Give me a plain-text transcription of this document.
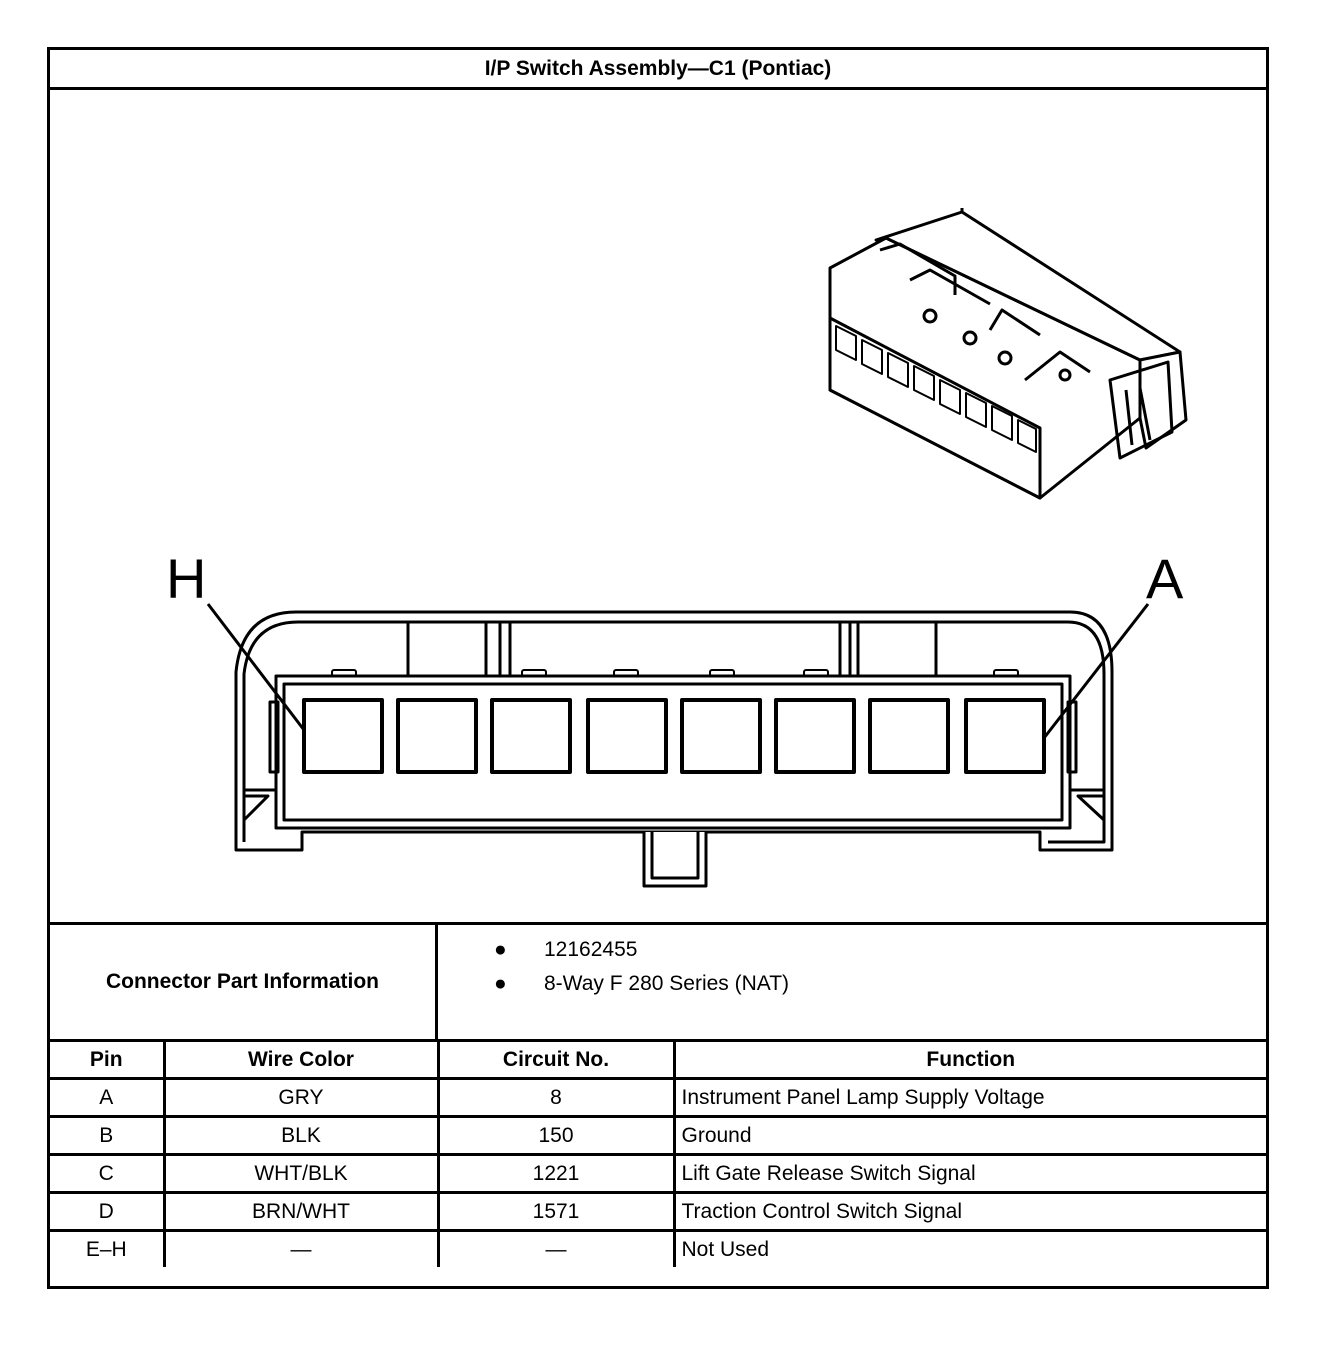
I/P Switch Assembly—C1 (Pontiac)
H	A
Connector Part Information
● 12162455
● 8-Way F 280 Series (NAT)
Pin	Wire Color	Circuit No.	Function
A	GRY	8	Instrument Panel Lamp Supply Voltage
B	BLK	150	Ground
C	WHT/BLK	1221	Lift Gate Release Switch Signal
D	BRN/WHT	1571	Traction Control Switch Signal
E–H	—	—	Not Used
